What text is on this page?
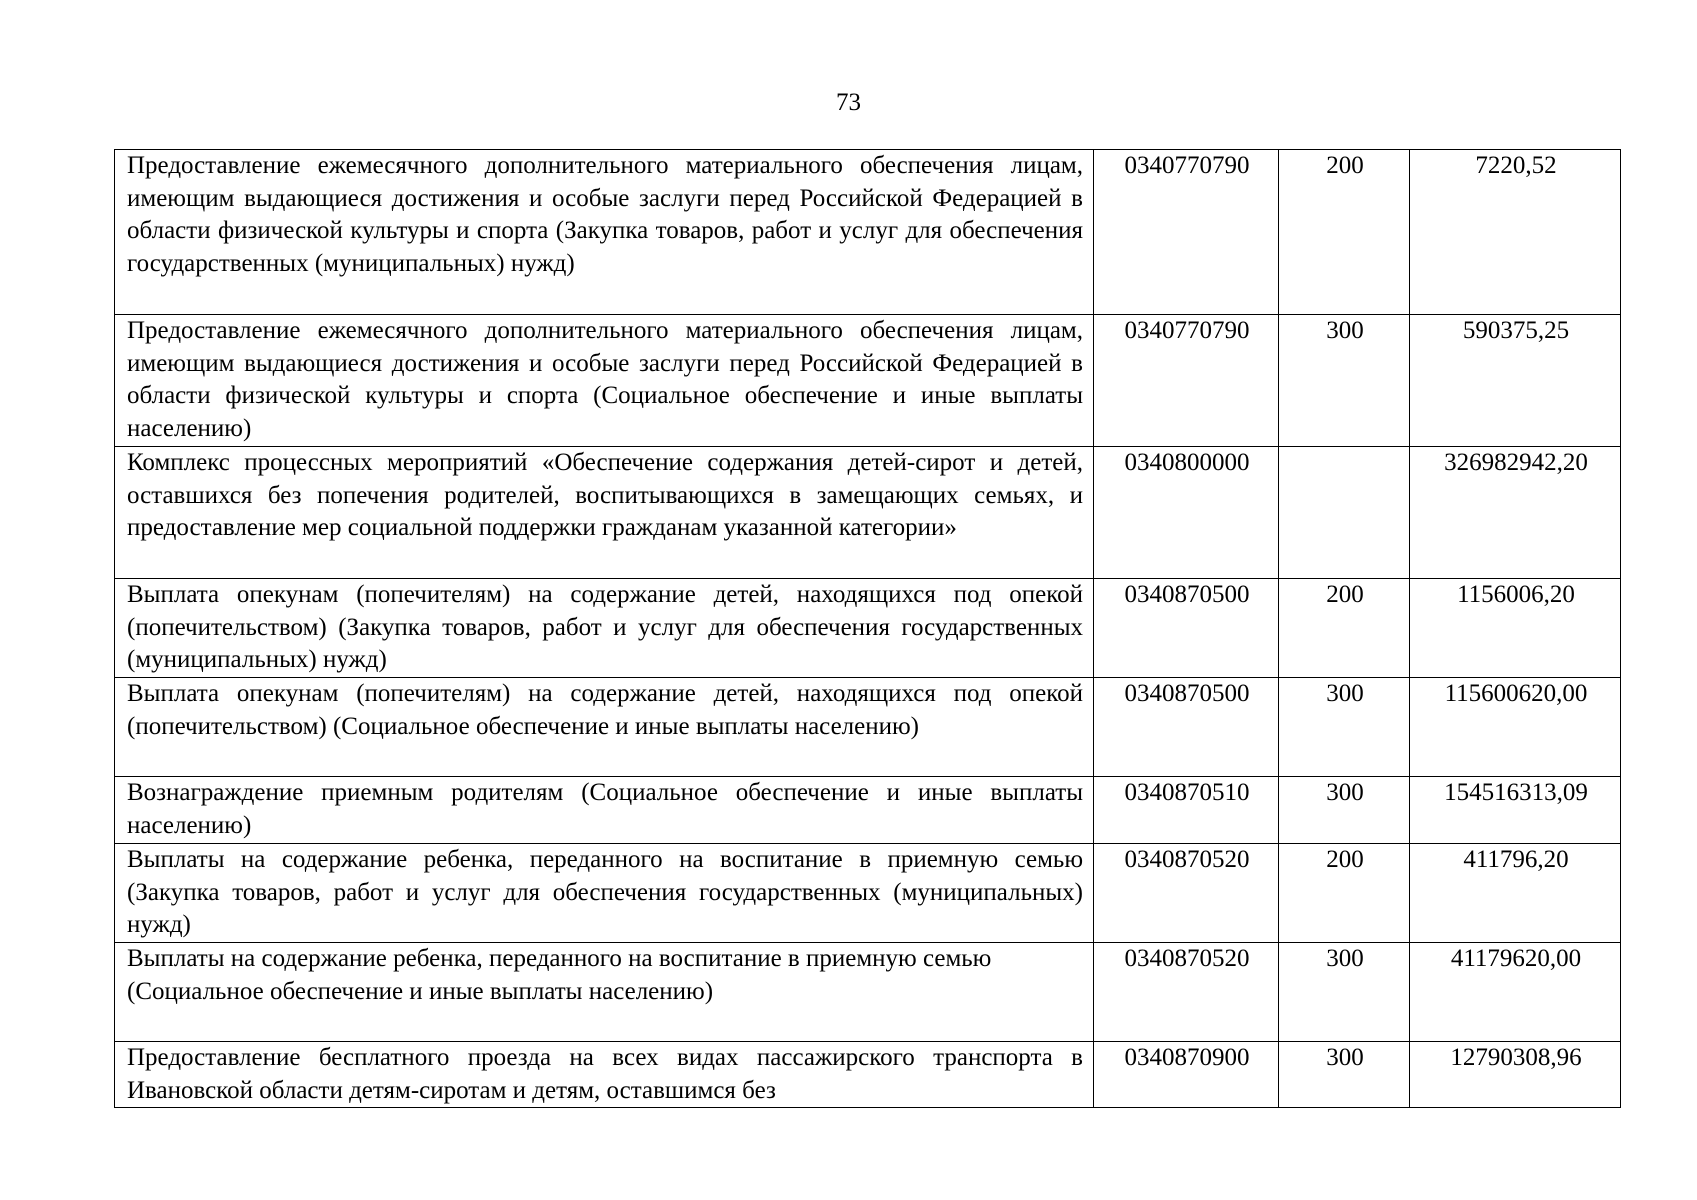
73
Предоставление ежемесячного дополнительного материального обеспечения лицам, имеющим выдающиеся достижения и особые заслуги перед Российской Федерацией в области физической культуры и спорта (Закупка товаров, работ и услуг для обеспечения государственных (муниципальных) нужд)	0340770790	200	7220,52
Предоставление ежемесячного дополнительного материального обеспечения лицам, имеющим выдающиеся достижения и особые заслуги перед Российской Федерацией в области физической культуры и спорта (Социальное обеспечение и иные выплаты населению)	0340770790	300	590375,25
Комплекс процессных мероприятий «Обеспечение содержания детей-сирот и детей, оставшихся без попечения родителей, воспитывающихся в замещающих семьях, и предоставление мер социальной поддержки гражданам указанной категории»	0340800000		326982942,20
Выплата опекунам (попечителям) на содержание детей, находящихся под опекой (попечительством) (Закупка товаров, работ и услуг для обеспечения государственных (муниципальных) нужд)	0340870500	200	1156006,20
Выплата опекунам (попечителям) на содержание детей, находящихся под опекой (попечительством) (Социальное обеспечение и иные выплаты населению)	0340870500	300	115600620,00
Вознаграждение приемным родителям (Социальное обеспечение и иные выплаты населению)	0340870510	300	154516313,09
Выплаты на содержание ребенка, переданного на воспитание в приемную семью (Закупка товаров, работ и услуг для обеспечения государственных (муниципальных) нужд)	0340870520	200	411796,20
Выплаты на содержание ребенка, переданного на воспитание в приемную семью
(Социальное обеспечение и иные выплаты населению)	0340870520	300	41179620,00
Предоставление бесплатного проезда на всех видах пассажирского транспорта в Ивановской области детям-сиротам и детям, оставшимся без	0340870900	300	12790308,96
